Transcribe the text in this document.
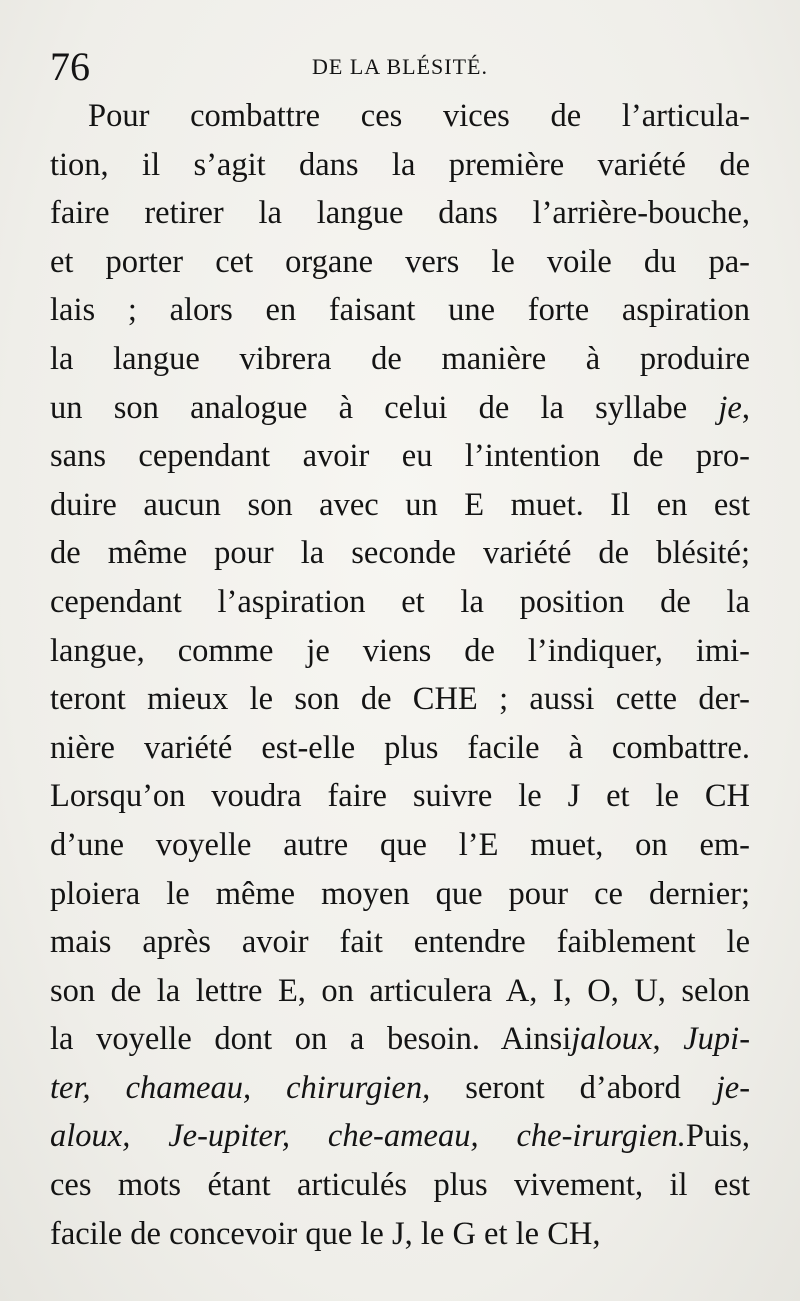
76	DE LA BLÉSITÉ.
Pour combattre ces vices de l’articula-
tion, il s’agit dans la première variété de
faire retirer la langue dans l’arrière-bouche,
et porter cet organe vers le voile du pa-
lais ; alors en faisant une forte aspiration
la langue vibrera de manière à produire
un son analogue à celui de la syllabe je,
sans cependant avoir eu l’intention de pro-
duire aucun son avec un E muet. Il en est
de même pour la seconde variété de blésité;
cependant l’aspiration et la position de la
langue, comme je viens de l’indiquer, imi-
teront mieux le son de CHE ; aussi cette der-
nière variété est-elle plus facile à combattre.
Lorsqu’on voudra faire suivre le J et le CH
d’une voyelle autre que l’E muet, on em-
ploiera le même moyen que pour ce dernier;
mais après avoir fait entendre faiblement le
son de la lettre E, on articulera A, I, O, U, selon
la voyelle dont on a besoin. Ainsijaloux, Jupi-
ter, chameau, chirurgien, seront d’abord je-
aloux, Je-upiter, che-ameau, che-irurgien.Puis,
ces mots étant articulés plus vivement, il est
facile de concevoir que le J, le G et le CH,
